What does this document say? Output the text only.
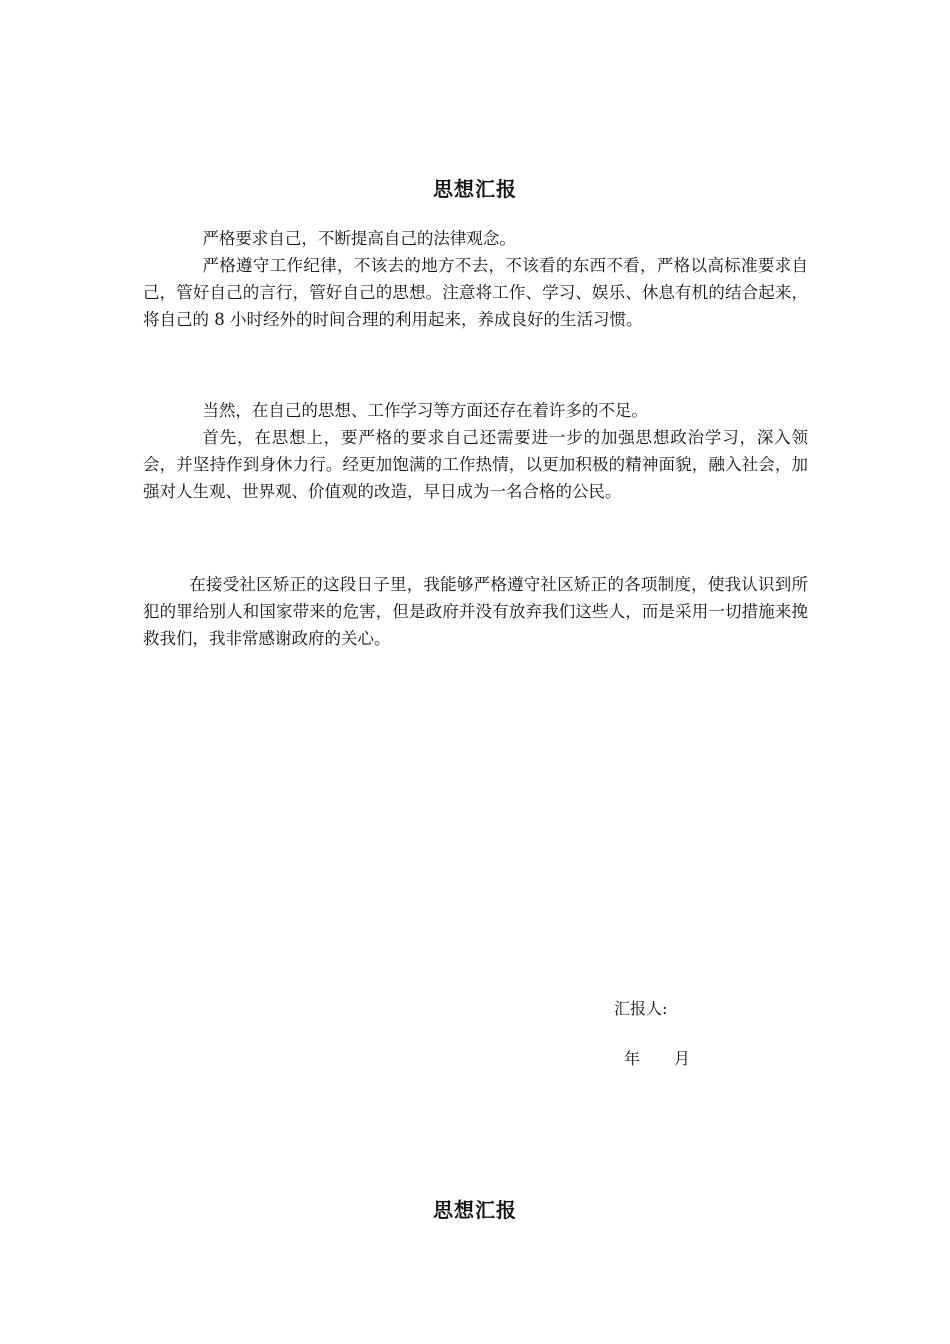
思想汇报

严格要求自己，不断提高自己的法律观念。

严格遵守工作纪律，不该去的地方不去，不该看的东西不看，严格以高标准要求自己，管好自己的言行，管好自己的思想。注意将工作、学习、娱乐、休息有机的结合起来，将自己的 8 小时经外的时间合理的利用起来，养成良好的生活习惯。

当然，在自己的思想、工作学习等方面还存在着许多的不足。

首先，在思想上，要严格的要求自己还需要进一步的加强思想政治学习，深入领会，并坚持作到身休力行。经更加饱满的工作热情，以更加积极的精神面貌，融入社会，加强对人生观、世界观、价值观的改造，早日成为一名合格的公民。

在接受社区矫正的这段日子里，我能够严格遵守社区矫正的各项制度，使我认识到所犯的罪给别人和国家带来的危害，但是政府并没有放弃我们这些人，而是采用一切措施来挽救我们，我非常感谢政府的关心。

汇报人:
年 月
思想汇报
